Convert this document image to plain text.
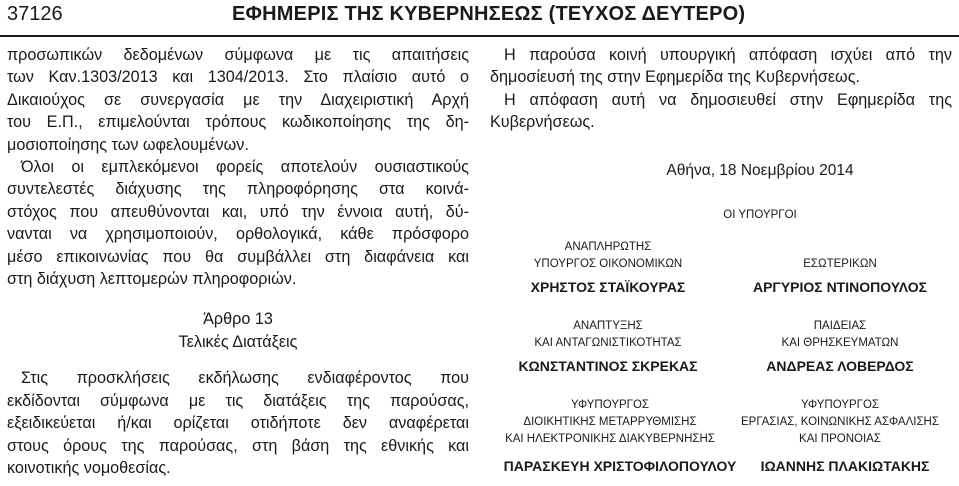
37126	ΕΦΗΜΕΡΙΣ ΤΗΣ ΚΥΒΕΡΝΗΣΕΩΣ (ΤΕΥΧΟΣ ΔΕΥΤΕΡΟ)
προσωπικών δεδομένων σύμφωνα με τις απαιτήσεις
των Καν.1303/2013 και 1304/2013. Στο πλαίσιο αυτό ο
Δικαιούχος σε συνεργασία με την Διαχειριστική Αρχή
του Ε.Π., επιμελούνται τρόπους κωδικοποίησης της δη-
μοσιοποίησης των ωφελουμένων.
Όλοι οι εμπλεκόμενοι φορείς αποτελούν ουσιαστικούς
συντελεστές διάχυσης της πληροφόρησης στα κοινά-
στόχος που απευθύνονται και, υπό την έννοια αυτή, δύ-
νανται να χρησιμοποιούν, ορθολογικά, κάθε πρόσφορο
μέσο επικοινωνίας που θα συμβάλλει στη διαφάνεια και
στη διάχυση λεπτομερών πληροφοριών.
Άρθρο 13
Τελικές Διατάξεις
Στις προσκλήσεις εκδήλωσης ενδιαφέροντος που
εκδίδονται σύμφωνα με τις διατάξεις της παρούσας,
εξειδικεύεται ή/και ορίζεται οτιδήποτε δεν αναφέρεται
στους όρους της παρούσας, στη βάση της εθνικής και
κοινοτικής νομοθεσίας.
Η παρούσα κοινή υπουργική απόφαση ισχύει από την
δημοσίευσή της στην Εφημερίδα της Κυβερνήσεως.
Η απόφαση αυτή να δημοσιευθεί στην Εφημερίδα της
Κυβερνήσεως.
Αθήνα, 18 Νοεμβρίου 2014
ΟΙ ΥΠΟΥΡΓΟΙ
ΑΝΑΠΛΗΡΩΤΗΣ
ΥΠΟΥΡΓΟΣ ΟΙΚΟΝΟΜΙΚΩΝ
ΧΡΗΣΤΟΣ ΣΤΑΪΚΟΥΡΑΣ
ΕΣΩΤΕΡΙΚΩΝ
ΑΡΓΥΡΙΟΣ ΝΤΙΝΟΠΟΥΛΟΣ
ΑΝΑΠΤΥΞΗΣ
ΚΑΙ ΑΝΤΑΓΩΝΙΣΤΙΚΟΤΗΤΑΣ
ΚΩΝΣΤΑΝΤΙΝΟΣ ΣΚΡΕΚΑΣ
ΠΑΙΔΕΙΑΣ
ΚΑΙ ΘΡΗΣΚΕΥΜΑΤΩΝ
ΑΝΔΡΕΑΣ ΛΟΒΕΡΔΟΣ
ΥΦΥΠΟΥΡΓΟΣ
ΔΙΟΙΚΗΤΙΚΗΣ ΜΕΤΑΡΡΥΘΜΙΣΗΣ
ΚΑΙ ΗΛΕΚΤΡΟΝΙΚΗΣ ΔΙΑΚΥΒΕΡΝΗΣΗΣ
ΠΑΡΑΣΚΕΥΗ ΧΡΙΣΤΟΦΙΛΟΠΟΥΛΟΥ
ΥΦΥΠΟΥΡΓΟΣ
ΕΡΓΑΣΙΑΣ, ΚΟΙΝΩΝΙΚΗΣ ΑΣΦΑΛΙΣΗΣ
ΚΑΙ ΠΡΟΝΟΙΑΣ
ΙΩΑΝΝΗΣ ΠΛΑΚΙΩΤΑΚΗΣ
